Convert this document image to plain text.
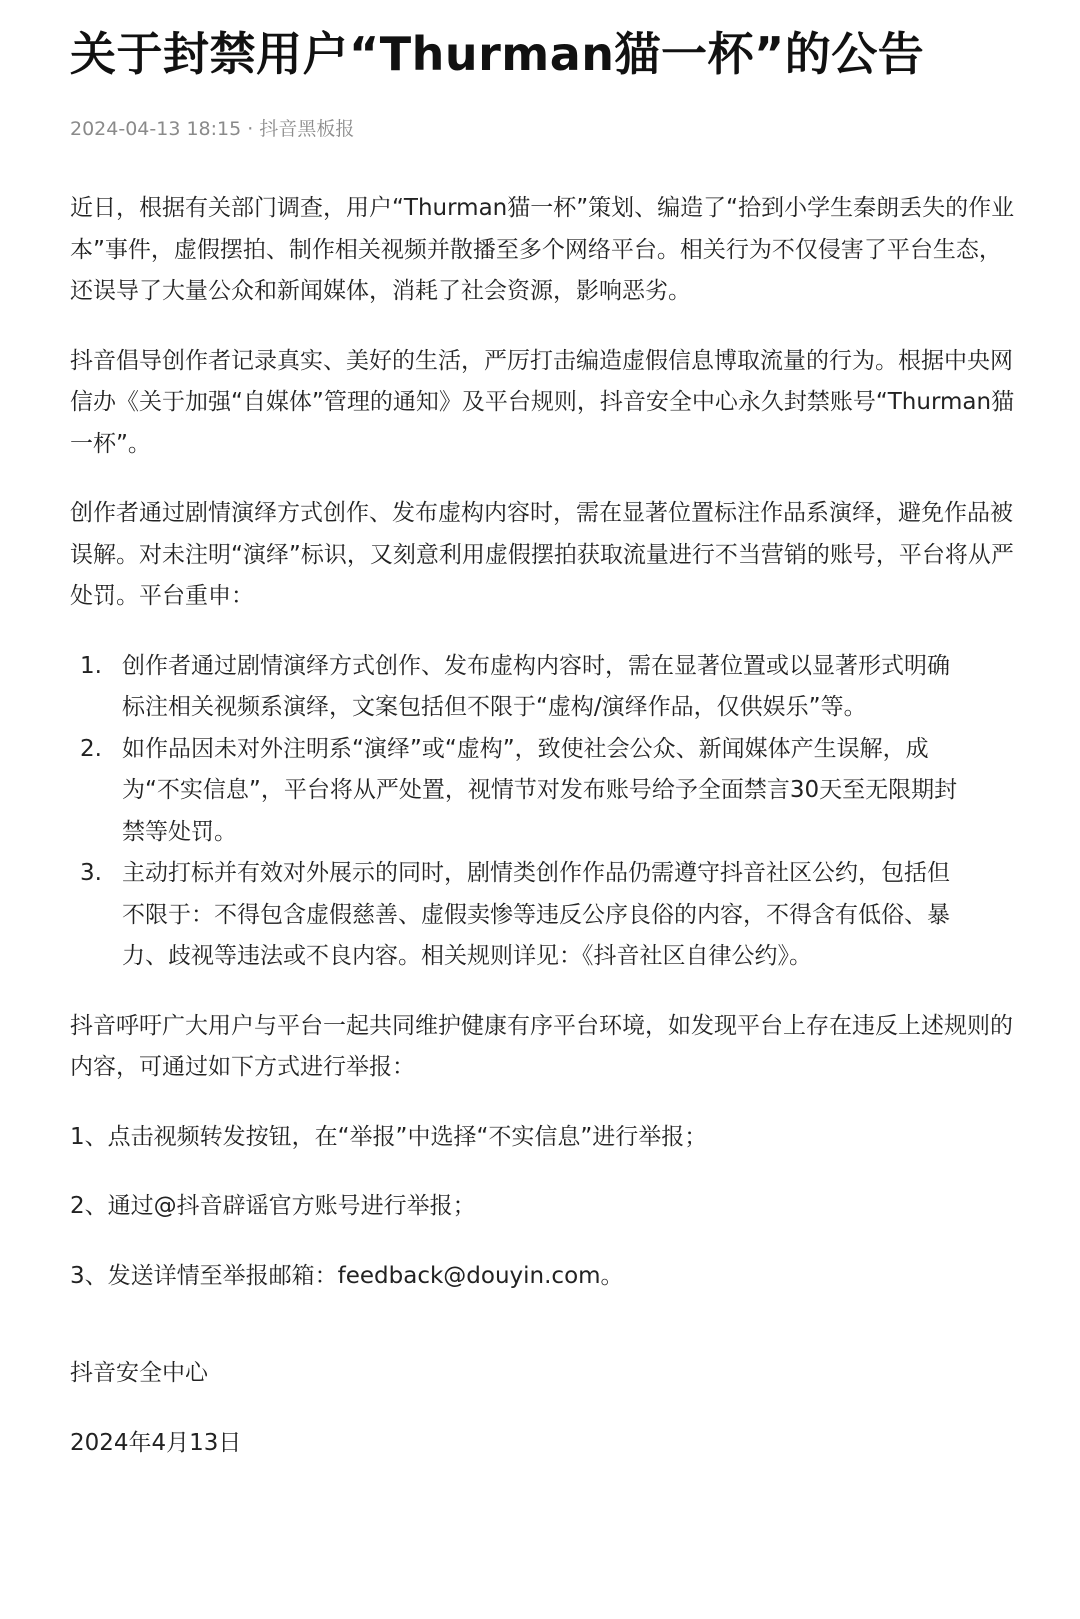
关于封禁用户“Thurman猫一杯”的公告
2024-04-13 18:15 · 抖音黑板报

近日，根据有关部门调查，用户“Thurman猫一杯”策划、编造了“拾到小学生秦朗丢失的作业本”事件，虚假摆拍、制作相关视频并散播至多个网络平台。相关行为不仅侵害了平台生态，还误导了大量公众和新闻媒体，消耗了社会资源，影响恶劣。

抖音倡导创作者记录真实、美好的生活，严厉打击编造虚假信息博取流量的行为。根据中央网信办《关于加强“自媒体”管理的通知》及平台规则，抖音安全中心永久封禁账号“Thurman猫一杯”。

创作者通过剧情演绎方式创作、发布虚构内容时，需在显著位置标注作品系演绎，避免作品被误解。对未注明“演绎”标识，又刻意利用虚假摆拍获取流量进行不当营销的账号，平台将从严处罚。平台重申：

1. 创作者通过剧情演绎方式创作、发布虚构内容时，需在显著位置或以显著形式明确标注相关视频系演绎，文案包括但不限于“虚构/演绎作品，仅供娱乐”等。
2. 如作品因未对外注明系“演绎”或“虚构”，致使社会公众、新闻媒体产生误解，成为“不实信息”，平台将从严处置，视情节对发布账号给予全面禁言30天至无限期封禁等处罚。
3. 主动打标并有效对外展示的同时，剧情类创作作品仍需遵守抖音社区公约，包括但不限于：不得包含虚假慈善、虚假卖惨等违反公序良俗的内容，不得含有低俗、暴力、歧视等违法或不良内容。相关规则详见：《抖音社区自律公约》。

抖音呼吁广大用户与平台一起共同维护健康有序平台环境，如发现平台上存在违反上述规则的内容，可通过如下方式进行举报：

1、点击视频转发按钮，在“举报”中选择“不实信息”进行举报；

2、通过@抖音辟谣官方账号进行举报；

3、发送详情至举报邮箱：feedback@douyin.com。

抖音安全中心

2024年4月13日
